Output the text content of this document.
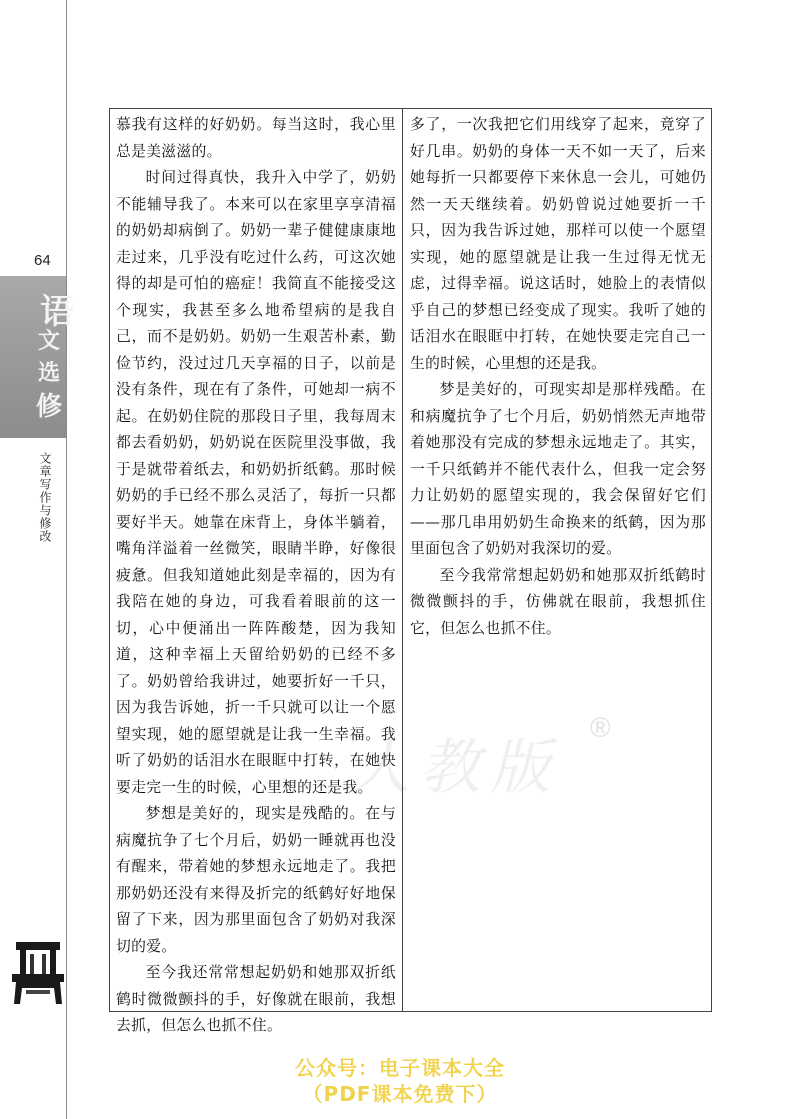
64
语
文
选
修
文章写作与修改

慕我有这样的好奶奶。每当这时，我心里总是美滋滋的。

时间过得真快，我升入中学了，奶奶不能辅导我了。本来可以在家里享享清福的奶奶却病倒了。奶奶一辈子健健康康地走过来，几乎没有吃过什么药，可这次她得的却是可怕的癌症！我简直不能接受这个现实，我甚至多么地希望病的是我自己，而不是奶奶。奶奶一生艰苦朴素，勤俭节约，没过过几天享福的日子，以前是没有条件，现在有了条件，可她却一病不起。在奶奶住院的那段日子里，我每周末都去看奶奶，奶奶说在医院里没事做，我于是就带着纸去，和奶奶折纸鹤。那时候奶奶的手已经不那么灵活了，每折一只都要好半天。她靠在床背上，身体半躺着，嘴角洋溢着一丝微笑，眼睛半睁，好像很疲惫。但我知道她此刻是幸福的，因为有我陪在她的身边，可我看着眼前的这一切，心中便涌出一阵阵酸楚，因为我知道，这种幸福上天留给奶奶的已经不多了。奶奶曾给我讲过，她要折好一千只，因为我告诉她，折一千只就可以让一个愿望实现，她的愿望就是让我一生幸福。我听了奶奶的话泪水在眼眶中打转，在她快要走完一生的时候，心里想的还是我。

梦想是美好的，现实是残酷的。在与病魔抗争了七个月后，奶奶一睡就再也没有醒来，带着她的梦想永远地走了。我把那奶奶还没有来得及折完的纸鹤好好地保留了下来，因为那里面包含了奶奶对我深切的爱。

至今我还常常想起奶奶和她那双折纸鹤时微微颤抖的手，好像就在眼前，我想去抓，但怎么也抓不住。

多了，一次我把它们用线穿了起来，竟穿了好几串。奶奶的身体一天不如一天了，后来她每折一只都要停下来休息一会儿，可她仍然一天天继续着。奶奶曾说过她要折一千只，因为我告诉过她，那样可以使一个愿望实现，她的愿望就是让我一生过得无忧无虑，过得幸福。说这话时，她脸上的表情似乎自己的梦想已经变成了现实。我听了她的话泪水在眼眶中打转，在她快要走完自己一生的时候，心里想的还是我。

梦是美好的，可现实却是那样残酷。在和病魔抗争了七个月后，奶奶悄然无声地带着她那没有完成的梦想永远地走了。其实，一千只纸鹤并不能代表什么，但我一定会努力让奶奶的愿望实现的，我会保留好它们——那几串用奶奶生命换来的纸鹤，因为那里面包含了奶奶对我深切的爱。

至今我常常想起奶奶和她那双折纸鹤时微微颤抖的手，仿佛就在眼前，我想抓住它，但怎么也抓不住。

人教版
®
公众号：电子课本大全
（PDF课本免费下）
